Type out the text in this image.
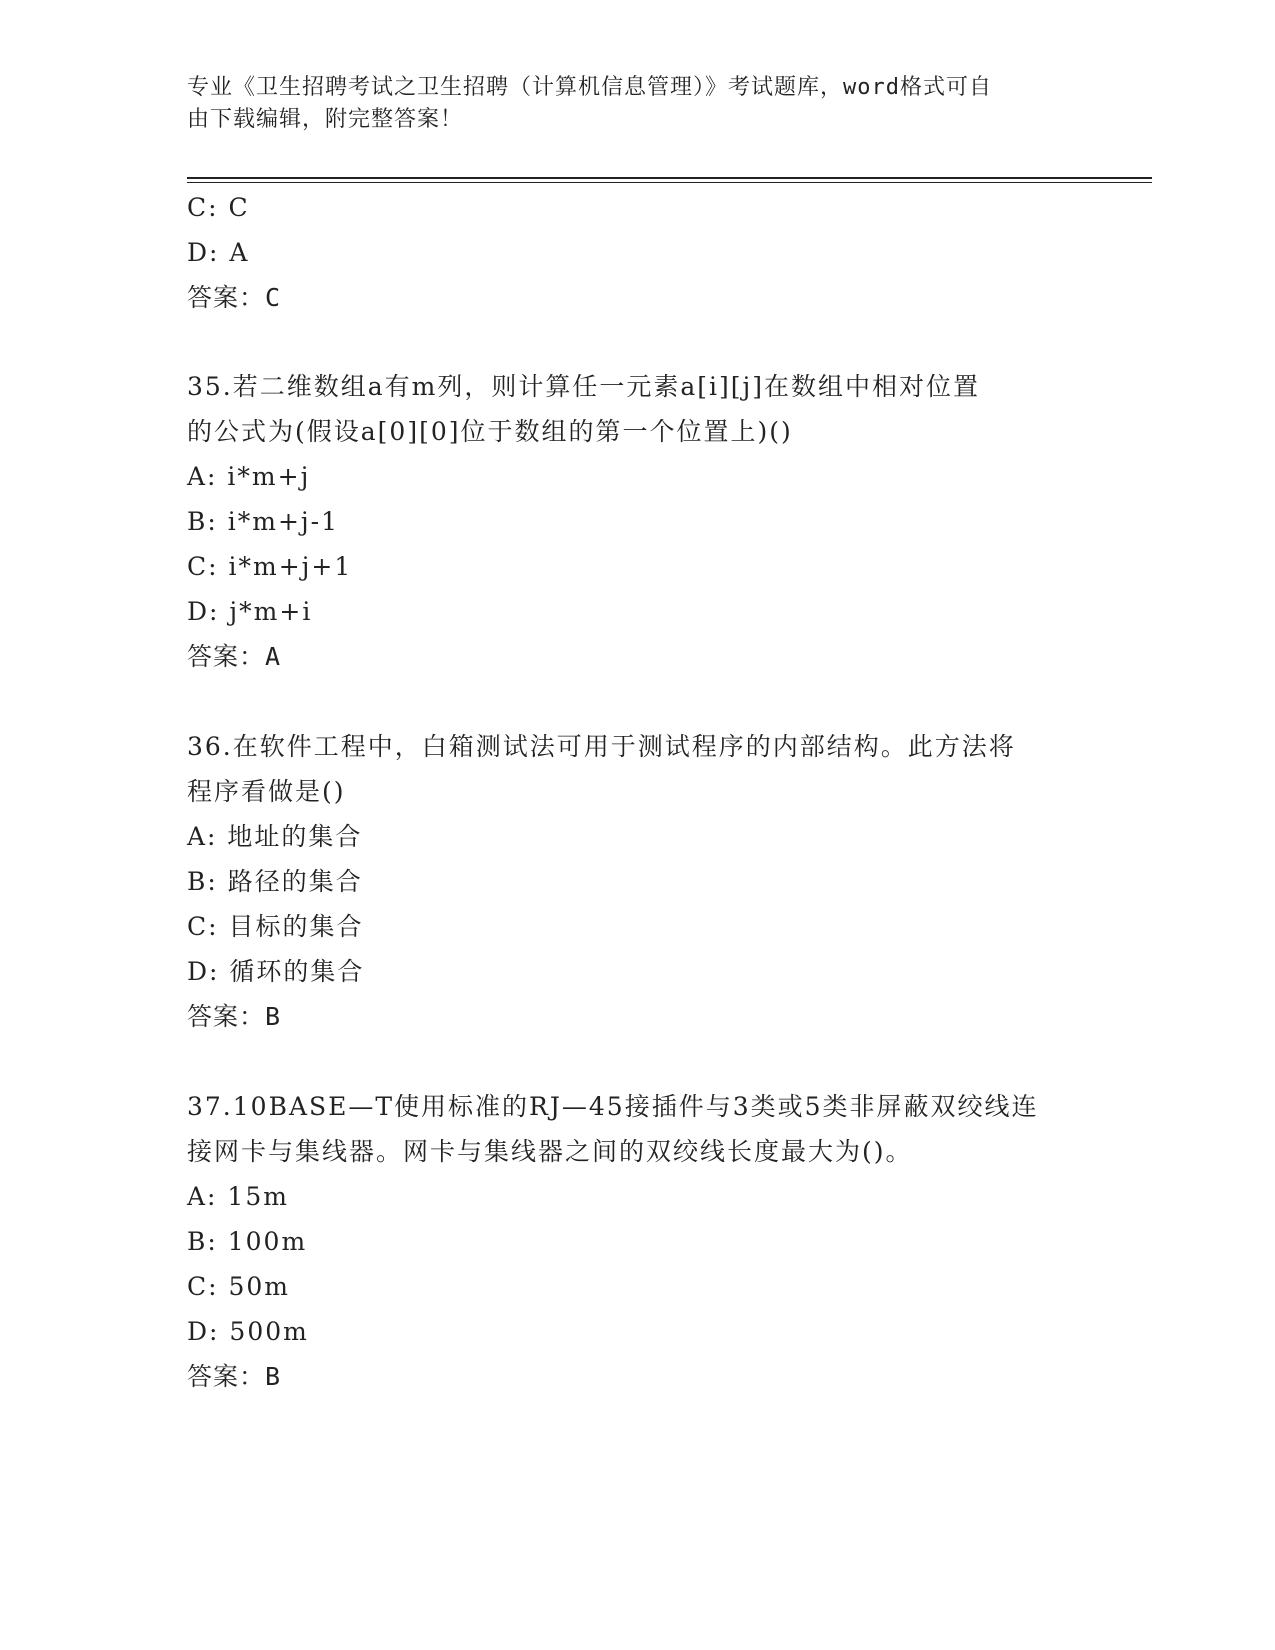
专业《卫生招聘考试之卫生招聘（计算机信息管理）》考试题库，word格式可自
由下载编辑，附完整答案！
C: C
D: A
答案：C
35.若二维数组a有m列，则计算任一元素a[i][j]在数组中相对位置
的公式为(假设a[0][0]位于数组的第一个位置上)()
A: i*m+j
B: i*m+j-1
C: i*m+j+1
D: j*m+i
答案：A
36.在软件工程中，白箱测试法可用于测试程序的内部结构。此方法将
程序看做是()
A: 地址的集合
B: 路径的集合
C: 目标的集合
D: 循环的集合
答案：B
37.10BASE—T使用标准的RJ—45接插件与3类或5类非屏蔽双绞线连
接网卡与集线器。网卡与集线器之间的双绞线长度最大为()。
A: 15m
B: 100m
C: 50m
D: 500m
答案：B
